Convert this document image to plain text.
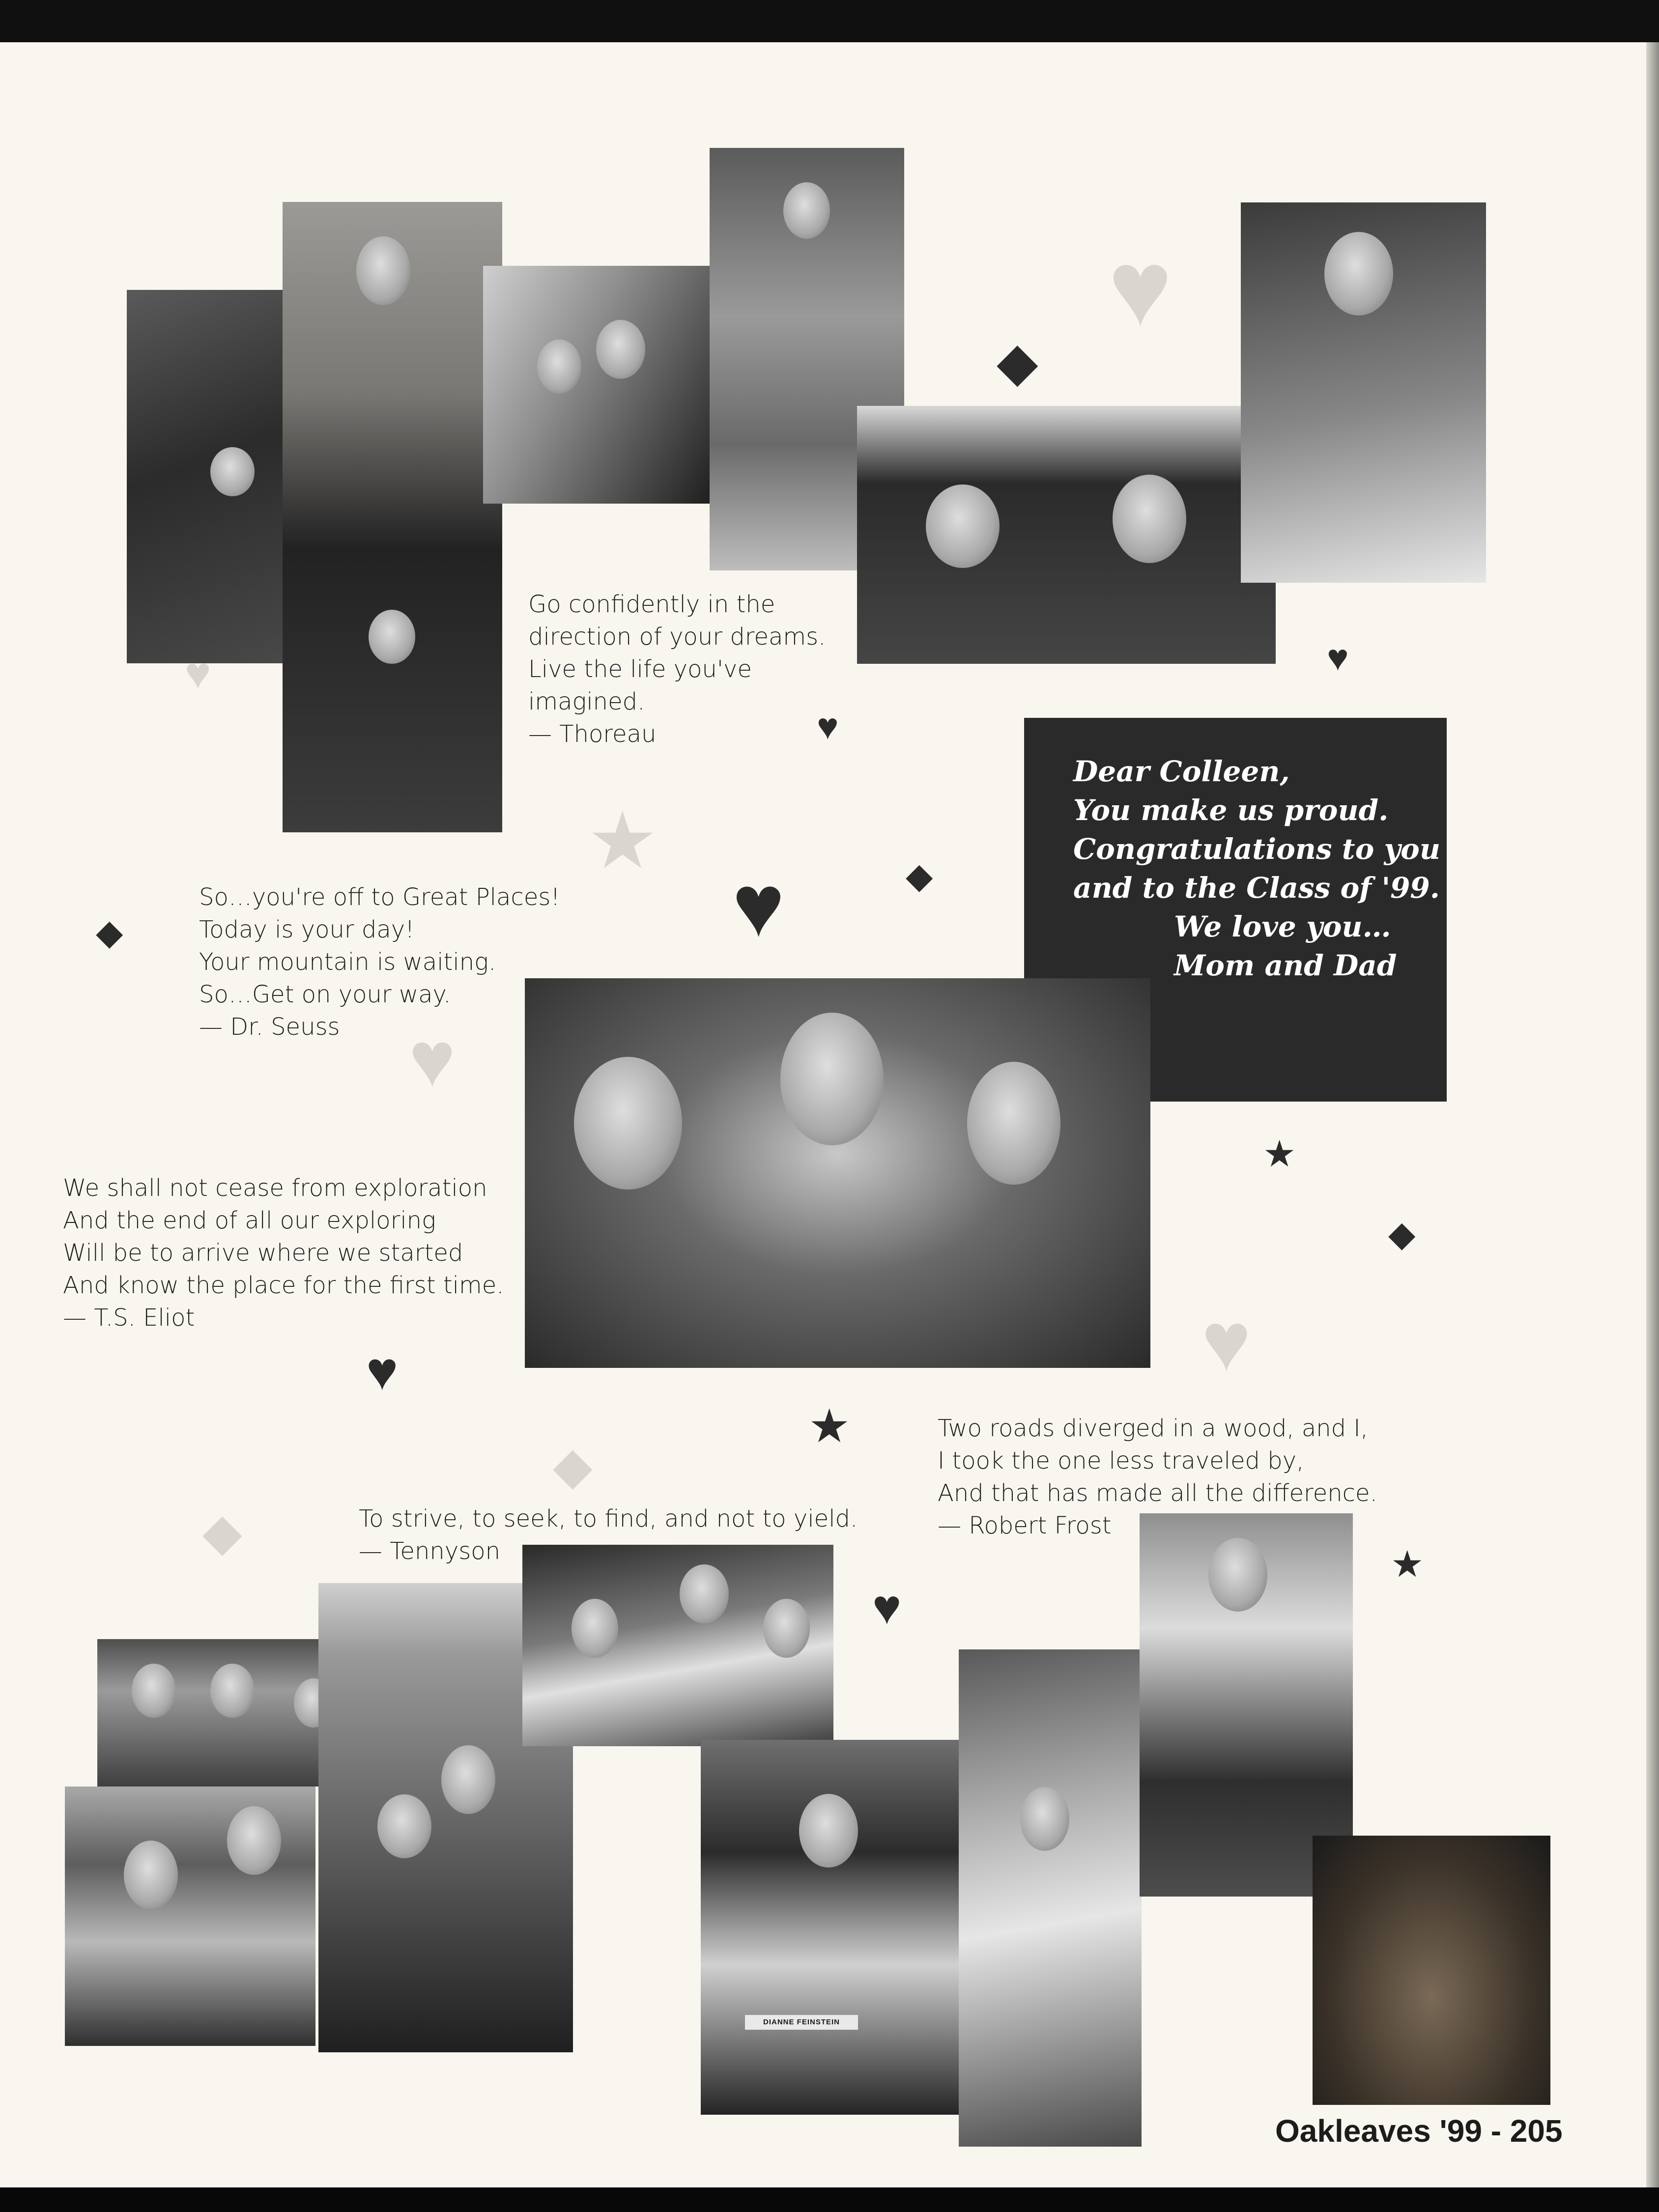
Go confidently in the
direction of your dreams.
Live the life you've
imagined.
— Thoreau
Dear Colleen,
You make us proud.
Congratulations to you
and to the Class of '99.
We love you…
Mom and Dad
So…you're off to Great Places!
Today is your day!
Your mountain is waiting.
So…Get on your way.
— Dr. Seuss
We shall not cease from exploration
And the end of all our exploring
Will be to arrive where we started
And know the place for the first time.
— T.S. Eliot
Two roads diverged in a wood, and I,
I took the one less traveled by,
And that has made all the difference.
— Robert Frost
To strive, to seek, to find, and not to yield.
— Tennyson
DIANNE FEINSTEIN
♥
◆
♥
♥
♥
★	◆
♥
◆
♥
★
◆
♥
♥
★
◆
◆
★
♥
Oakleaves '99 - 205
